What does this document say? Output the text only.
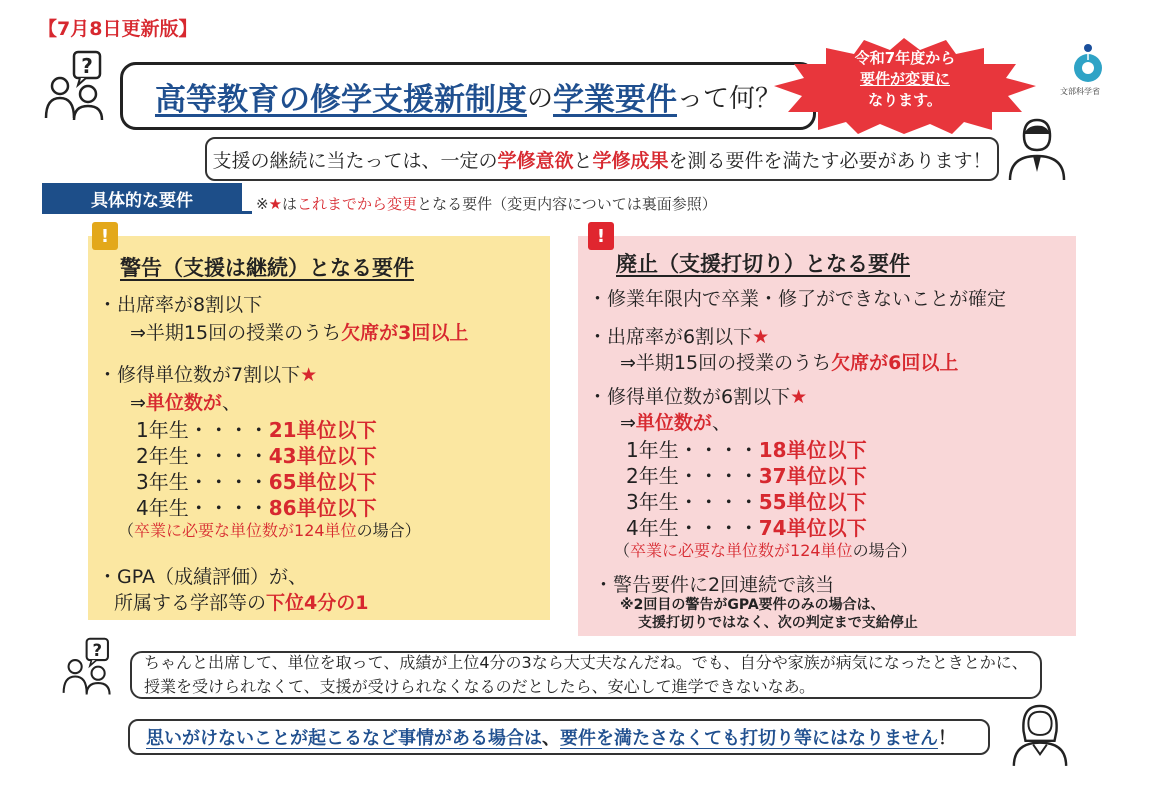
【7月8日更新版】
?
高等教育の修学支援新制度 の 学業要件 って何？
令和7年度から
要件が変更に
なります。	文部科学省
支援の継続に当たっては、一定の 学修意欲 と 学修成果 を測る要件を満たす必要があります！
具体的な要件	※★はこれまでから変更となる要件（変更内容については裏面参照）
!
警告（支援は継続）となる要件
・出席率が8割以下
⇒半期15回の授業のうち欠席が3回以上
・修得単位数が7割以下★
⇒単位数が、
1年生・・・・21単位以下
2年生・・・・43単位以下
3年生・・・・65単位以下
4年生・・・・86単位以下
（卒業に必要な単位数が124単位の場合）
・GPA（成績評価）が、
所属する学部等の下位4分の1
!
廃止（支援打切り）となる要件
・修業年限内で卒業・修了ができないことが確定
・出席率が6割以下★
⇒半期15回の授業のうち欠席が6回以上
・修得単位数が6割以下★
⇒単位数が、
1年生・・・・18単位以下
2年生・・・・37単位以下
3年生・・・・55単位以下
4年生・・・・74単位以下
（卒業に必要な単位数が124単位の場合）
・警告要件に2回連続で該当
※2回目の警告がGPA要件のみの場合は、
支援打切りではなく、次の判定まで支給停止
?
ちゃんと出席して、単位を取って、成績が上位4分の3なら大丈夫なんだね。でも、自分や家族が病気になったときとかに、授業を受けられなくて、支援が受けられなくなるのだとしたら、安心して進学できないなあ。
思いがけないことが起こるなど事情がある場合は 、 要件を満たさなくても打切り等にはなりません ！
